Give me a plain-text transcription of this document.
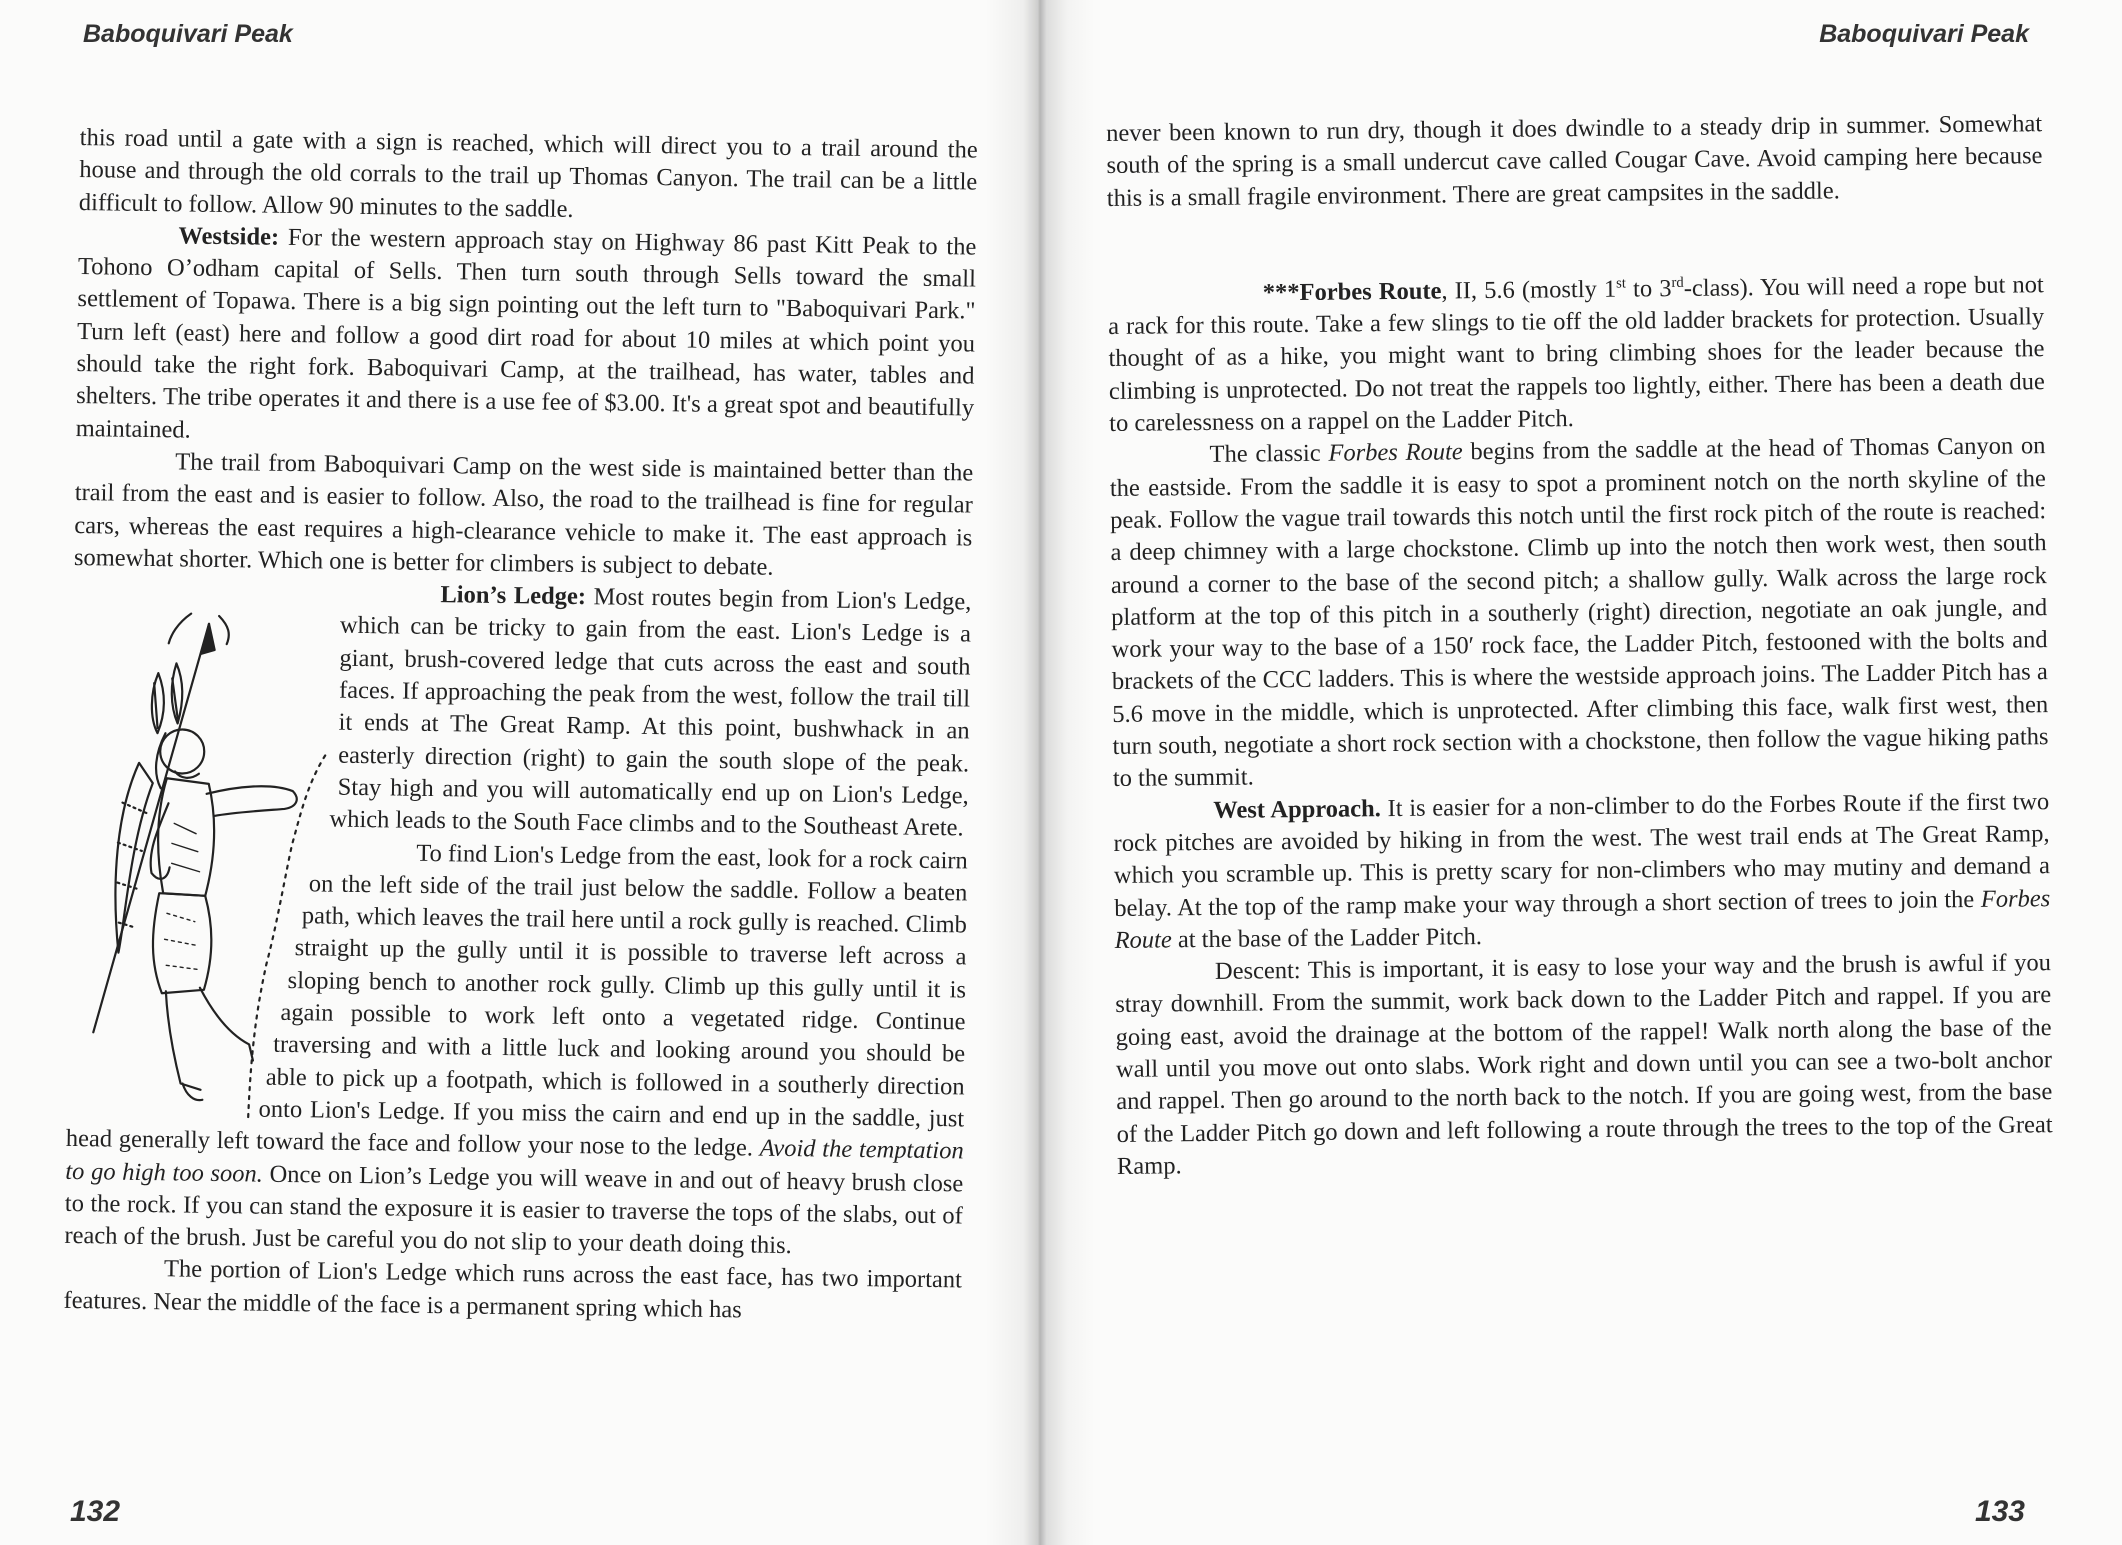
Baboquivari Peak

this road until a gate with a sign is reached, which will direct you to a trail around the house and through the old corrals to the trail up Thomas Canyon. The trail can be a little difficult to follow. Allow 90 minutes to the saddle.

Westside: For the western approach stay on Highway 86 past Kitt Peak to the Tohono O’odham capital of Sells. Then turn south through Sells toward the small settlement of Topawa. There is a big sign pointing out the left turn to "Baboquivari Park." Turn left (east) here and follow a good dirt road for about 10 miles at which point you should take the right fork. Baboquivari Camp, at the trailhead, has water, tables and shelters. The tribe operates it and there is a use fee of $3.00. It's a great spot and beautifully maintained.

The trail from Baboquivari Camp on the west side is maintained better than the trail from the east and is easier to follow. Also, the road to the trailhead is fine for regular cars, whereas the east requires a high-clearance vehicle to make it. The east approach is somewhat shorter. Which one is better for climbers is subject to debate.

Lion’s Ledge: Most routes begin from Lion's Ledge, which can be tricky to gain from the east. Lion's Ledge is a giant, brush-covered ledge that cuts across the east and south faces. If approaching the peak from the west, follow the trail till it ends at The Great Ramp. At this point, bushwhack in an easterly direction (right) to gain the south slope of the peak. Stay high and you will automatically end up on Lion's Ledge, which leads to the South Face climbs and to the Southeast Arete.

To find Lion's Ledge from the east, look for a rock cairn on the left side of the trail just below the saddle. Follow a beaten path, which leaves the trail here until a rock gully is reached. Climb straight up the gully until it is possible to traverse left across a sloping bench to another rock gully. Climb up this gully until it is again possible to work left onto a vegetated ridge. Continue traversing and with a little luck and looking around you should be able to pick up a footpath, which is followed in a southerly direction onto Lion's Ledge. If you miss the cairn and end up in the saddle, just head generally left toward the face and follow your nose to the ledge. Avoid the temptation to go high too soon. Once on Lion’s Ledge you will weave in and out of heavy brush close to the rock. If you can stand the exposure it is easier to traverse the tops of the slabs, out of reach of the brush. Just be careful you do not slip to your death doing this.

The portion of Lion's Ledge which runs across the east face, has two important features. Near the middle of the face is a permanent spring which has

132
Baboquivari Peak

never been known to run dry, though it does dwindle to a steady drip in summer. Somewhat south of the spring is a small undercut cave called Cougar Cave. Avoid camping here because this is a small fragile environment. There are great campsites in the saddle.

***Forbes Route, II, 5.6 (mostly 1st to 3rd-class). You will need a rope but not a rack for this route. Take a few slings to tie off the old ladder brackets for protection. Usually thought of as a hike, you might want to bring climbing shoes for the leader because the climbing is unprotected. Do not treat the rappels too lightly, either. There has been a death due to carelessness on a rappel on the Ladder Pitch.

The classic Forbes Route begins from the saddle at the head of Thomas Canyon on the eastside. From the saddle it is easy to spot a prominent notch on the north skyline of the peak. Follow the vague trail towards this notch until the first rock pitch of the route is reached: a deep chimney with a large chockstone. Climb up into the notch then work west, then south around a corner to the base of the second pitch; a shallow gully. Walk across the large rock platform at the top of this pitch in a southerly (right) direction, negotiate an oak jungle, and work your way to the base of a 150′ rock face, the Ladder Pitch, festooned with the bolts and brackets of the CCC ladders. This is where the westside approach joins. The Ladder Pitch has a 5.6 move in the middle, which is unprotected. After climbing this face, walk first west, then turn south, negotiate a short rock section with a chockstone, then follow the vague hiking paths to the summit.

West Approach. It is easier for a non-climber to do the Forbes Route if the first two rock pitches are avoided by hiking in from the west. The west trail ends at The Great Ramp, which you scramble up. This is pretty scary for non-climbers who may mutiny and demand a belay. At the top of the ramp make your way through a short section of trees to join the Forbes Route at the base of the Ladder Pitch.

Descent: This is important, it is easy to lose your way and the brush is awful if you stray downhill. From the summit, work back down to the Ladder Pitch and rappel. If you are going east, avoid the drainage at the bottom of the rappel! Walk north along the base of the wall until you move out onto slabs. Work right and down until you can see a two-bolt anchor and rappel. Then go around to the north back to the notch. If you are going west, from the base of the Ladder Pitch go down and left following a route through the trees to the top of the Great Ramp.

133
